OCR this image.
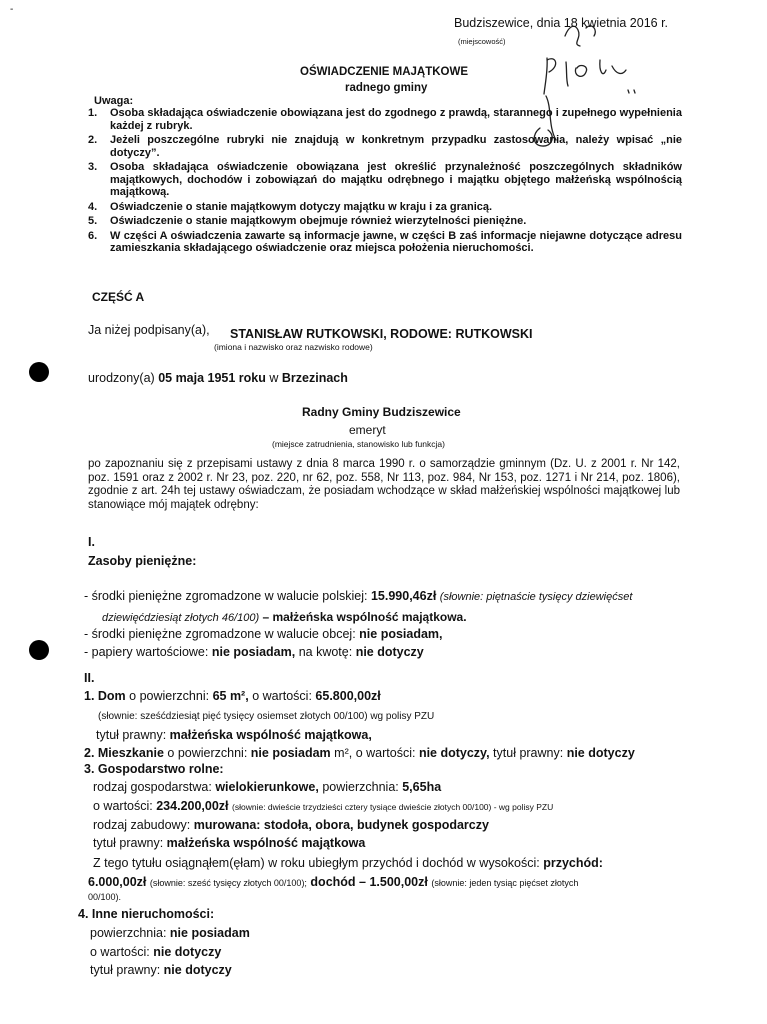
Budziszewice, dnia 18 kwietnia 2016 r.
(miejscowość)
-
OŚWIADCZENIE MAJĄTKOWE
radnego gminy
Uwaga:
1.	Osoba składająca oświadczenie obowiązana jest do zgodnego z prawdą, starannego i zupełnego wypełnienia każdej z rubryk.
2.	Jeżeli poszczególne rubryki nie znajdują w konkretnym przypadku zastosowania, należy wpisać „nie dotyczy”.
3.	Osoba składająca oświadczenie obowiązana jest określić przynależność poszczególnych składników majątkowych, dochodów i zobowiązań do majątku odrębnego i majątku objętego małżeńską wspólnością majątkową.
4.	Oświadczenie o stanie majątkowym dotyczy majątku w kraju i za granicą.
5.	Oświadczenie o stanie majątkowym obejmuje również wierzytelności pieniężne.
6.	W części A oświadczenia zawarte są informacje jawne, w części B zaś informacje niejawne dotyczące adresu zamieszkania składającego oświadczenie oraz miejsca położenia nieruchomości.
CZĘŚĆ A
Ja niżej podpisany(a), STANISŁAW RUTKOWSKI, RODOWE: RUTKOWSKI
(imiona i nazwisko oraz nazwisko rodowe)
urodzony(a) 05 maja 1951 roku w Brzezinach
Radny Gminy Budziszewice
emeryt
(miejsce zatrudnienia, stanowisko lub funkcja)
po zapoznaniu się z przepisami ustawy z dnia 8 marca 1990 r. o samorządzie gminnym (Dz. U. z 2001 r. Nr 142, poz. 1591 oraz z 2002 r. Nr 23, poz. 220, nr 62, poz. 558, Nr 113, poz. 984, Nr 153, poz. 1271 i Nr 214, poz. 1806), zgodnie z art. 24h tej ustawy oświadczam, że posiadam wchodzące w skład małżeńskiej wspólności majątkowej lub stanowiące mój majątek odrębny:
I.
Zasoby pieniężne:
- środki pieniężne zgromadzone w walucie polskiej: 15.990,46zł (słownie: piętnaście tysięcy dziewięćset
dziewięćdziesiąt złotych 46/100) – małżeńska wspólność majątkowa.
- środki pieniężne zgromadzone w walucie obcej: nie posiadam,
- papiery wartościowe: nie posiadam, na kwotę: nie dotyczy
II.
1. Dom o powierzchni: 65 m², o wartości: 65.800,00zł
(słownie: sześćdziesiąt pięć tysięcy osiemset złotych 00/100) wg polisy PZU
tytuł prawny: małżeńska wspólność majątkowa,
2. Mieszkanie o powierzchni: nie posiadam m², o wartości: nie dotyczy, tytuł prawny: nie dotyczy
3. Gospodarstwo rolne:
rodzaj gospodarstwa: wielokierunkowe, powierzchnia: 5,65ha
o wartości: 234.200,00zł (słownie: dwieście trzydzieści cztery tysiące dwieście złotych 00/100) - wg polisy PZU
rodzaj zabudowy: murowana: stodoła, obora, budynek gospodarczy
tytuł prawny: małżeńska wspólność majątkowa
Z tego tytułu osiągnąłem(ęłam) w roku ubiegłym przychód i dochód w wysokości: przychód:
6.000,00zł (słownie: sześć tysięcy złotych 00/100); dochód – 1.500,00zł (słownie: jeden tysiąc pięćset złotych
00/100).
4. Inne nieruchomości:
powierzchnia: nie posiadam
o wartości: nie dotyczy
tytuł prawny: nie dotyczy
